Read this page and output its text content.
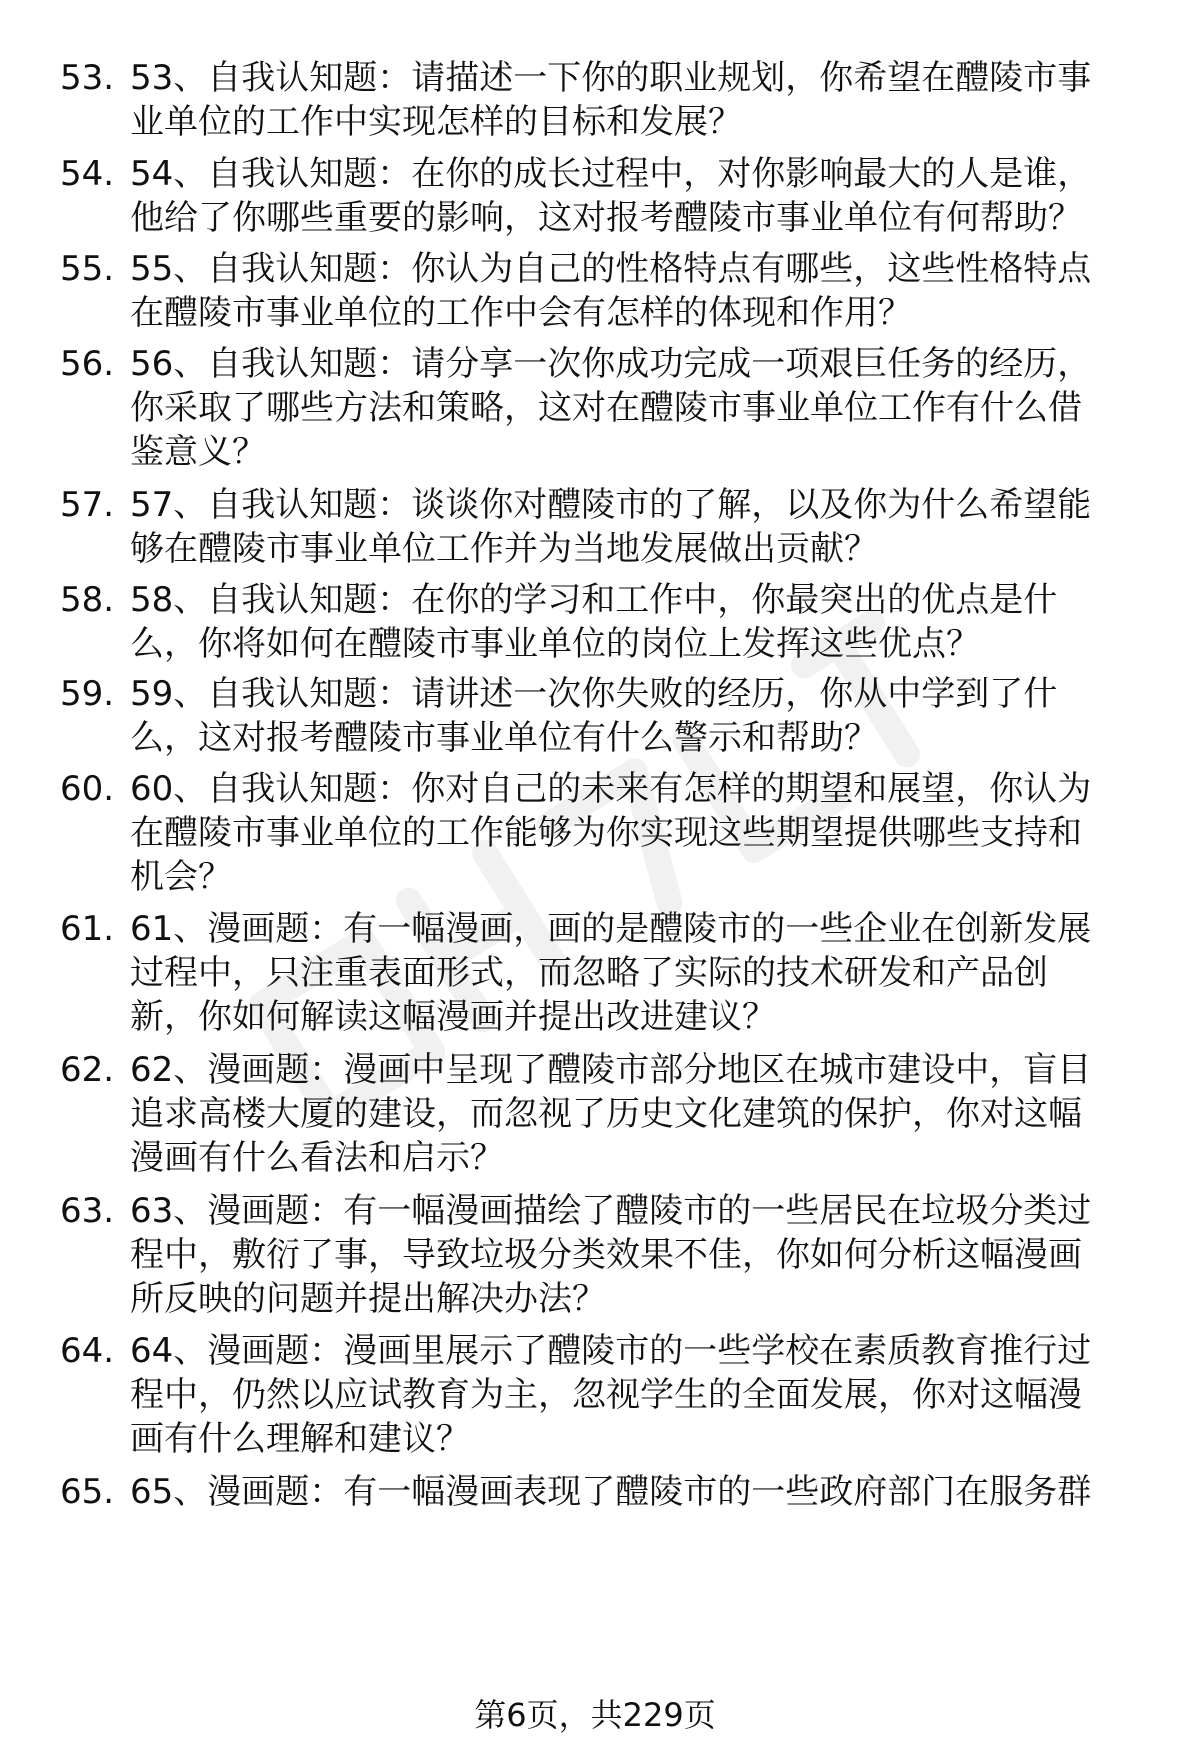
53. 53、自我认知题：请描述一下你的职业规划，你希望在醴陵市事
业单位的工作中实现怎样的目标和发展？
54. 54、自我认知题：在你的成长过程中，对你影响最大的人是谁，
他给了你哪些重要的影响，这对报考醴陵市事业单位有何帮助？
55. 55、自我认知题：你认为自己的性格特点有哪些，这些性格特点
在醴陵市事业单位的工作中会有怎样的体现和作用？
56. 56、自我认知题：请分享一次你成功完成一项艰巨任务的经历，
你采取了哪些方法和策略，这对在醴陵市事业单位工作有什么借
鉴意义？
57. 57、自我认知题：谈谈你对醴陵市的了解，以及你为什么希望能
够在醴陵市事业单位工作并为当地发展做出贡献？
58. 58、自我认知题：在你的学习和工作中，你最突出的优点是什
么，你将如何在醴陵市事业单位的岗位上发挥这些优点？
59. 59、自我认知题：请讲述一次你失败的经历，你从中学到了什
么，这对报考醴陵市事业单位有什么警示和帮助？
60. 60、自我认知题：你对自己的未来有怎样的期望和展望，你认为
在醴陵市事业单位的工作能够为你实现这些期望提供哪些支持和
机会？
61. 61、漫画题：有一幅漫画，画的是醴陵市的一些企业在创新发展
过程中，只注重表面形式，而忽略了实际的技术研发和产品创
新，你如何解读这幅漫画并提出改进建议？
62. 62、漫画题：漫画中呈现了醴陵市部分地区在城市建设中，盲目
追求高楼大厦的建设，而忽视了历史文化建筑的保护，你对这幅
漫画有什么看法和启示？
63. 63、漫画题：有一幅漫画描绘了醴陵市的一些居民在垃圾分类过
程中，敷衍了事，导致垃圾分类效果不佳，你如何分析这幅漫画
所反映的问题并提出解决办法？
64. 64、漫画题：漫画里展示了醴陵市的一些学校在素质教育推行过
程中，仍然以应试教育为主，忽视学生的全面发展，你对这幅漫
画有什么理解和建议？
65. 65、漫画题：有一幅漫画表现了醴陵市的一些政府部门在服务群
第6页，共229页
